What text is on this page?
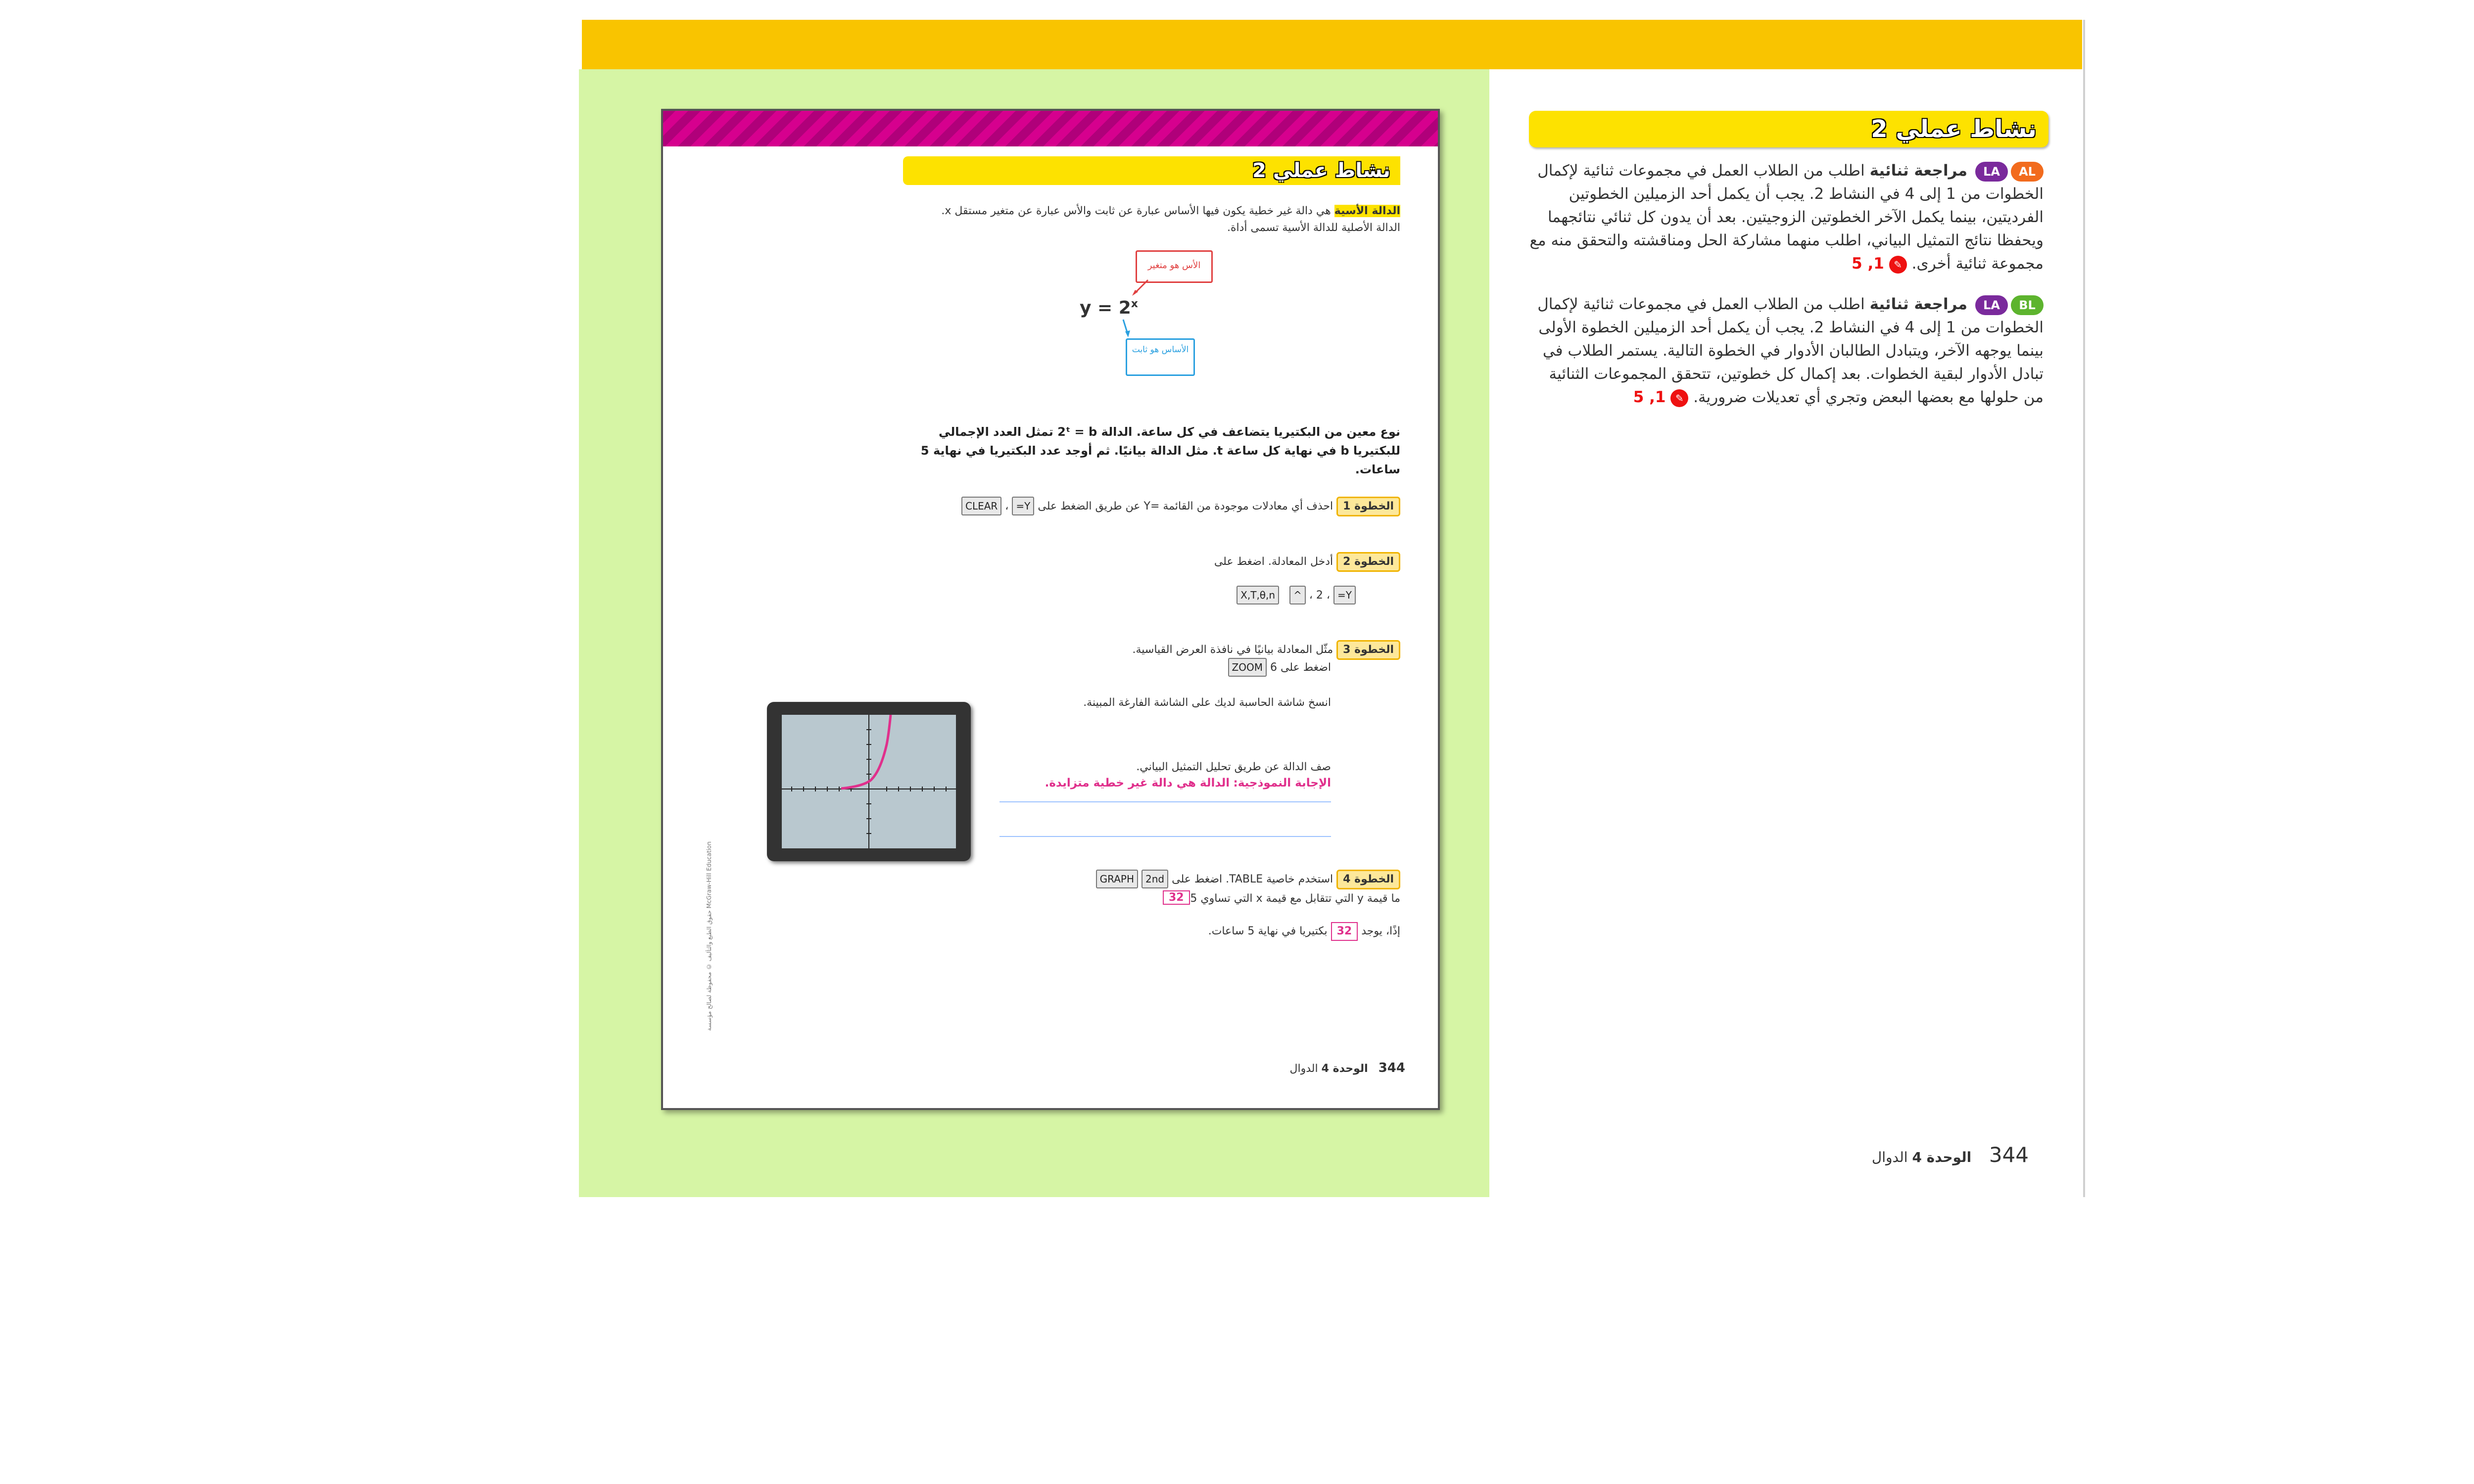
نشاط عملي 2
الدالة الأسية هي دالة غير خطية يكون فيها الأساس عبارة عن ثابت والأس عبارة عن متغير مستقل x. الدالة الأصلية للدالة الأسية تسمى أداة.
الأس هو متغير
$y = 2^x$
الأساس هو ثابت
نوع معين من البكتيريا يتضاعف في كل ساعة. الدالة 2ᵗ = b تمثل العدد الإجمالي للبكتيريا b في نهاية كل ساعة t. مثل الدالة بيانيًا. ثم أوجد عدد البكتيريا في نهاية 5 ساعات.
الخطوة 1 احذف أي معادلات موجودة من القائمة =Y عن طريق الضغط على Y= ، CLEAR
الخطوة 2 أدخل المعادلة. اضغط على
Y= ، 2 ، ^   X,T,θ,n
الخطوة 3 مثّل المعادلة بيانيًا في نافذة العرض القياسية.
اضغط على 6 ZOOM
انسخ شاشة الحاسبة لديك على الشاشة الفارغة المبينة.
صف الدالة عن طريق تحليل التمثيل البياني.
الإجابة النموذجية: الدالة هي دالة غير خطية متزايدة.
الخطوة 4 استخدم خاصية TABLE. اضغط على 2nd GRAPH
ما قيمة y التي تتقابل مع قيمة x التي تساوي 5
32
إذًا، يوجد 32 بكتيريا في نهاية 5 ساعات.
حقوق الطبع والتأليف © محفوظة لصالح مؤسسة McGraw-Hill Education
344   الوحدة 4 الدوال
نشاط عملي 2
ALLA مراجعة ثنائية اطلب من الطلاب العمل في مجموعات ثنائية لإكمال الخطوات من 1 إلى 4 في النشاط 2. يجب أن يكمل أحد الزميلين الخطوتين الفرديتين، بينما يكمل الآخر الخطوتين الزوجيتين. بعد أن يدون كل ثنائي نتائجهما ويحفظا نتائج التمثيل البياني، اطلب منهما مشاركة الحل ومناقشته والتحقق منه مع مجموعة ثنائية أخرى. ✎ 1, 5
BLLA مراجعة ثنائية اطلب من الطلاب العمل في مجموعات ثنائية لإكمال الخطوات من 1 إلى 4 في النشاط 2. يجب أن يكمل أحد الزميلين الخطوة الأولى بينما يوجهه الآخر، ويتبادل الطالبان الأدوار في الخطوة التالية. يستمر الطلاب في تبادل الأدوار لبقية الخطوات. بعد إكمال كل خطوتين، تتحقق المجموعات الثنائية من حلولها مع بعضها البعض وتجري أي تعديلات ضرورية. ✎ 1, 5
344    الوحدة 4 الدوال
